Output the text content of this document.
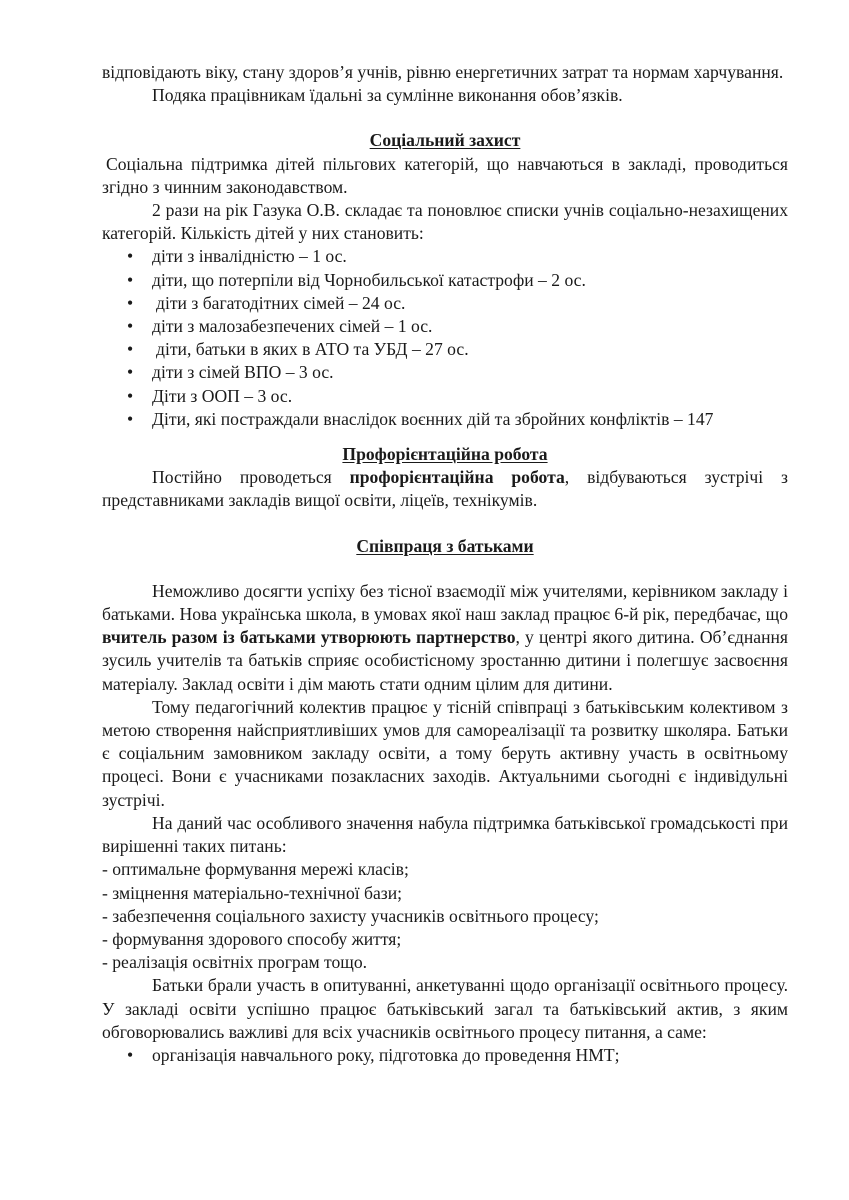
відповідають віку, стану здоров’я учнів, рівню енергетичних затрат та нормам харчування.

Подяка працівникам їдальні за сумлінне виконання обов’язків.

Соціальний захист

Соціальна підтримка дітей пільгових категорій, що навчаються в закладі, проводиться згідно з чинним законодавством.

2 рази на рік Газука О.В. складає та поновлює списки учнів соціально-незахищених категорій. Кількість дітей у них становить:

• діти з інвалідністю – 1 ос.
• діти, що потерпіли від Чорнобильської катастрофи – 2 ос.
• діти з багатодітних сімей – 24 ос.
• діти з малозабезпечених сімей – 1 ос.
• діти, батьки в яких в АТО та УБД – 27 ос.
• діти з сімей ВПО – 3 ос.
• Діти з ООП – 3 ос.
• Діти, які постраждали внаслідок воєнних дій та збройних конфліктів – 147
Профорієнтаційна робота

Постійно проводеться профорієнтаційна робота, відбуваються зустрічі з представниками закладів вищої освіти, ліцеїв, технікумів.

Співпраця з батьками

Неможливо досягти успіху без тісної взаємодії між учителями, керівником закладу і батьками. Нова українська школа, в умовах якої наш заклад працює 6-й рік, передбачає, що вчитель разом із батьками утворюють партнерство, у центрі якого дитина. Об’єднання зусиль учителів та батьків сприяє особистісному зростанню дитини і полегшує засвоєння матеріалу. Заклад освіти і дім мають стати одним цілим для дитини.

Тому педагогічний колектив працює у тісній співпраці з батьківським колективом з метою створення найсприятливіших умов для самореалізації та розвитку школяра. Батьки є соціальним замовником закладу освіти, а тому беруть активну участь в освітньому процесі. Вони є учасниками позакласних заходів. Актуальними сьогодні є індивідульні зустрічі.

На даний час особливого значення набула підтримка батьківської громадськості при вирішенні таких питань:

- оптимальне формування мережі класів;
- зміцнення матеріально-технічної бази;
- забезпечення соціального захисту учасників освітнього процесу;
- формування здорового способу життя;
- реалізація освітніх програм тощо.

Батьки брали участь в опитуванні, анкетуванні щодо організації освітнього процесу. У закладі освіти успішно працює батьківський загал та батьківський актив, з яким обговорювались важливі для всіх учасників освітнього процесу питання, а саме:

• організація навчального року, підготовка до проведення НМТ;
